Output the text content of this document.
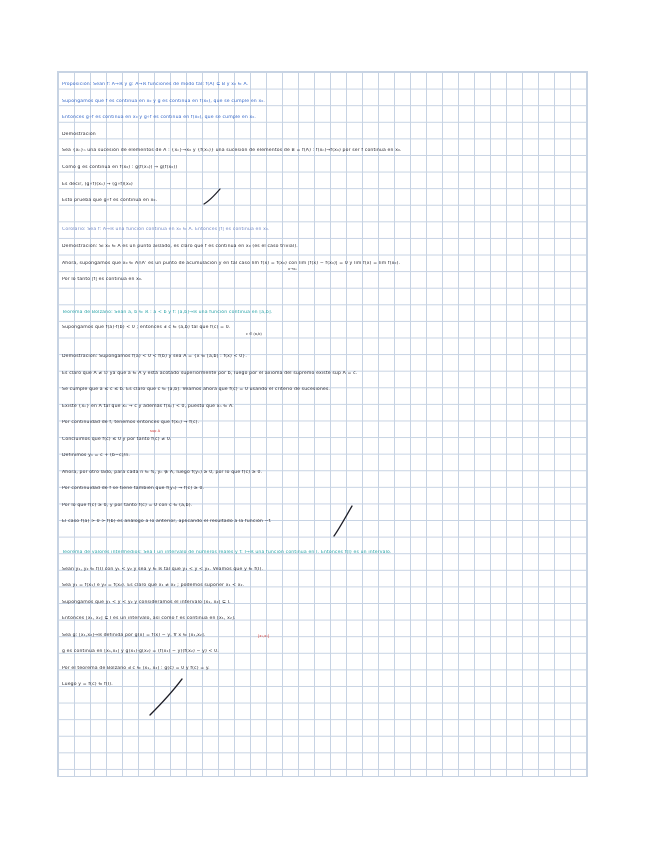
Proposición: Sean f: A→ℝ y g: A→ℝ funciones de modo tal: f(A) ⊆ B y x₀ ∈ A.
Supongamos que f es continua en x₀ y g es continua en f(x₀), que se cumple en x₀.
Entonces g∘f es continua en x₀ y g∘f es continua en f(x₀), que se cumple en x₀.
Demostración
Sea {xₙ}ₙ una sucesión de elementos de A : {xₙ}→x₀ y {f(xₙ)} una sucesión de elementos de B = f(A) : f(xₙ)→f(x₀) por ser f continua en x₀.
Como g es continua en f(x₀) : g(f(xₙ)) → g(f(x₀))
Es decir, (g∘f)(xₙ) → (g∘f)(x₀)
Esto prueba que g∘f es continua en x₀.
Corolario: Sea f: A→ℝ una función continua en x₀ ∈ A. Entonces |f| es continua en x₀.
Demostración: Si x₀ ∈ A es un punto aislado, es claro que f es continua en x₀ (es el caso trivial).
Ahora, supongamos que x₀ ∈ A∩A' es un punto de acumulación y en tal caso lím f(x) = f(x₀) con lím |f(x) − f(x₀)| = 0 y lím f(x) = lím f(x₀).
x→x₀
Por lo tanto |f| es continua en x₀.
Teorema de Bolzano: Sean a, b ∈ ℝ : a < b y f: [a,b]→ℝ una función continua en [a,b].
Supongamos que f(a)·f(b) < 0 ; entonces ∃ c ∈ (a,b) tal que f(c) = 0.
c ∈ (a,b)
Demostración: Supongamos f(a) < 0 < f(b) y sea A = {x ∈ [a,b] : f(x) < 0}.
Es claro que A ≠ ∅ ya que a ∈ A y está acotado superiormente por b, luego por el axioma del supremo existe sup A = c.
Se cumple que a ≤ c ≤ b. Es claro que c ∈ [a,b]. Veamos ahora que f(c) = 0 usando el criterio de sucesiones.
Existe {xₙ} en A tal que xₙ → c y además f(xₙ) < 0, puesto que xₙ ∈ A.
Por continuidad de f, tenemos entonces que f(xₙ) → f(c).
sup A
Concluimos que f(c) ≤ 0 y por tanto f(c) ≠ 0.
Definimos yₙ = c + (b−c)/n.
Ahora, por otro lado, para cada n ∈ ℕ, yₙ ∉ A, luego f(yₙ) ≥ 0, por lo que f(c) ≥ 0.
Por continuidad de f se tiene también que f(yₙ) → f(c) ≥ 0.
Por lo que f(c) ≥ 0, y por tanto f(c) = 0 con c ∈ (a,b).
El caso f(a) > 0 > f(b) es análogo a lo anterior, aplicando el resultado a la función −f.
Teorema de valores intermedios: Sea I un intervalo de números reales y f: I→ℝ una función continua en I. Entonces f(I) es un intervalo.
Sean y₁, y₂ ∈ f(I) con y₁ < y₂ y sea y ∈ ℝ tal que y₁ < y < y₂. Veamos que y ∈ f(I).
Sea y₁ = f(x₁) e y₂ = f(x₂). Es claro que x₁ ≠ x₂ ; podemos suponer x₁ < x₂.
Supongamos que y₁ < y < y₂ y consideramos el intervalo [x₁, x₂] ⊆ I.
Entonces [x₁, x₂] ⊆ I es un intervalo, así como f es continua en [x₁, x₂].
Sea g: [x₁,x₂]→ℝ definida por g(x) = f(x) − y, ∀ x ∈ [x₁,x₂].	[x₁,x₂]
g es continua en [x₁,x₂] y g(x₁)·g(x₂) = (f(x₁) − y)(f(x₂) − y) < 0.
Por el teorema de Bolzano ∃ c ∈ (x₁, x₂) : g(c) = 0 y f(c) = y.
Luego y = f(c) ∈ f(I).
